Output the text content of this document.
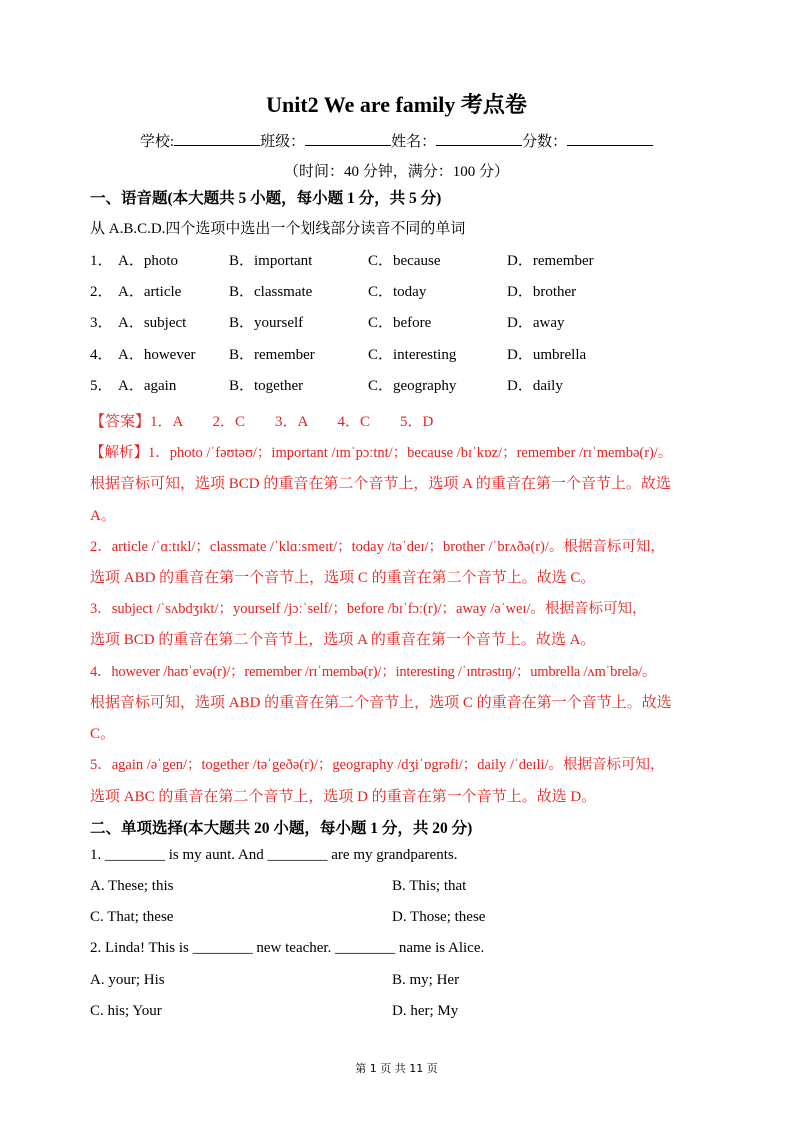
Unit2 We are family 考点卷
学校:	班级：	姓名：	分数：
（时间：40 分钟，满分：100 分）
一、语音题(本大题共 5 小题，每小题 1 分，共 5 分)
从 A.B.C.D.四个选项中选出一个划线部分读音不同的单词
1． A．photo	B．important	C．because	D．remember
2． A．article	B．classmate	C．today	D．brother
3． A．subject	B．yourself	C．before	D．away
4． A．however B．remember	C．interesting	D．umbrella
5． A．again	B．together	C．geography	D．daily
【答案】1．A　　2．C　　3．A　　4．C　　5．D
【解析】1．photo /ˈfəʊtəʊ/；important /ɪmˈpɔːtnt/；because /bɪˈkɒz/；remember /rɪˈmembə(r)/。
根据音标可知，选项 BCD 的重音在第二个音节上，选项 A 的重音在第一个音节上。故选
A。
2．article /ˈɑːtɪkl/；classmate /ˈklɑːsmeɪt/；today /təˈdeɪ/；brother /ˈbrʌðə(r)/。根据音标可知，
选项 ABD 的重音在第一个音节上，选项 C 的重音在第二个音节上。故选 C。
3．subject /ˈsʌbdʒɪkt/；yourself /jɔːˈself/；before /bɪˈfɔː(r)/；away /əˈweɪ/。根据音标可知，
选项 BCD 的重音在第二个音节上，选项 A 的重音在第一个音节上。故选 A。
4．however /haʊˈevə(r)/；remember /rɪˈmembə(r)/；interesting /ˈɪntrəstɪŋ/；umbrella /ʌmˈbrelə/。
根据音标可知，选项 ABD 的重音在第二个音节上，选项 C 的重音在第一个音节上。故选
C。
5．again /əˈgen/；together /təˈgeðə(r)/；geography /dʒiˈɒgrəfi/；daily /ˈdeɪli/。根据音标可知，
选项 ABC 的重音在第二个音节上，选项 D 的重音在第一个音节上。故选 D。
二、单项选择(本大题共 20 小题，每小题 1 分，共 20 分)
1. ________ is my aunt. And ________ are my grandparents.
A. These; this	B. This; that
C. That; these	D. Those; these
2. Linda! This is ________ new teacher. ________ name is Alice.
A. your; His	B. my; Her
C. his; Your	D. her; My
第 1 页 共 11 页
